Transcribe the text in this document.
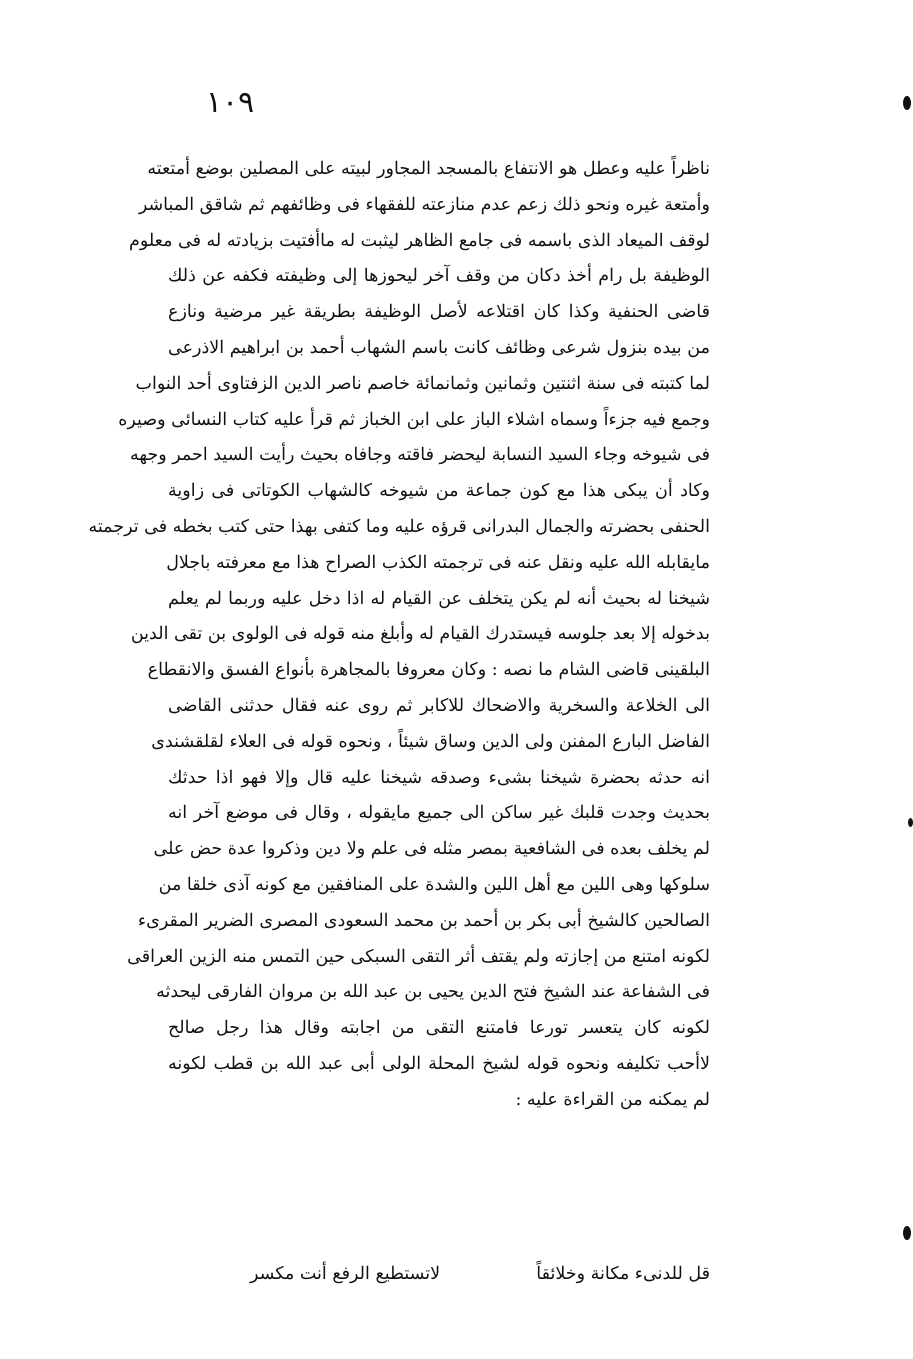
١٠٩
ناظراً عليه وعطل هو الانتفاع بالمسجد المجاور لبيته على المصلين بوضع أمتعته
وأمتعة غيره ونحو ذلك زعم عدم منازعته للفقهاء فى وظائفهم ثم شاقق المباشر
لوقف الميعاد الذى باسمه فى جامع الظاهر ليثبت له ماأفتيت بزيادته له فى معلوم
الوظيفة بل رام أخذ دكان من وقف آخر ليحوزها إلى وظيفته فكفه عن ذلك
قاضى الحنفية وكذا كان اقتلاعه لأصل الوظيفة بطريقة غير مرضية ونازع
من بيده بنزول شرعى وظائف كانت باسم الشهاب أحمد بن ابراهيم الاذرعى
لما كتبته فى سنة اثنتين وثمانين وثمانمائة خاصم ناصر الدين الزفتاوى أحد النواب
وجمع فيه جزءاً وسماه اشلاء الباز على ابن الخباز ثم قرأ عليه كتاب النسائى وصيره
فى شيوخه وجاء السيد النسابة ليحضر فاقته وجافاه بحيث رأيت السيد احمر وجهه
وكاد أن يبكى هذا مع كون جماعة من شيوخه كالشهاب الكوتاتى فى زاوية
الحنفى بحضرته والجمال البدرانى قرؤه عليه وما كتفى بهذا حتى كتب بخطه فى ترجمته
مايقابله الله عليه ونقل عنه فى ترجمته الكذب الصراح هذا مع معرفته باجلال
شيخنا له بحيث أنه لم يكن يتخلف عن القيام له اذا دخل عليه وربما لم يعلم
بدخوله إلا بعد جلوسه فيستدرك القيام له وأبلغ منه قوله فى الولوى بن تقى الدين
البلقينى قاضى الشام ما نصه : وكان معروفا بالمجاهرة بأنواع الفسق والانقطاع
الى الخلاعة والسخرية والاضحاك للاكابر ثم روى عنه فقال حدثنى القاضى
الفاضل البارع المفنن ولى الدين وساق شيئاً ، ونحوه قوله فى العلاء لقلقشندى
انه حدثه بحضرة شيخنا بشىء وصدقه شيخنا عليه قال وإلا فهو اذا حدثك
بحديث وجدت قلبك غير ساكن الى جميع مايقوله ، وقال فى موضع آخر انه
لم يخلف بعده فى الشافعية بمصر مثله فى علم ولا دين وذكروا عدة حض على
سلوكها وهى اللين مع أهل اللين والشدة على المنافقين مع كونه آذى خلقا من
الصالحين كالشيخ أبى بكر بن أحمد بن محمد السعودى المصرى الضرير المقرىء
لكونه امتنع من إجازته ولم يقتف أثر التقى السبكى حين التمس منه الزين العراقى
فى الشفاعة عند الشيخ فتح الدين يحيى بن عبد الله بن مروان الفارقى ليحدثه
لكونه كان يتعسر تورعا فامتنع التقى من اجابته وقال هذا رجل صالح
لاأحب تكليفه ونحوه قوله لشيخ المحلة الولى أبى عبد الله بن قطب لكونه
لم يمكنه من القراءة عليه :
قل للدنىء مكانة وخلائقاً
لاتستطيع الرفع أنت مكسر
